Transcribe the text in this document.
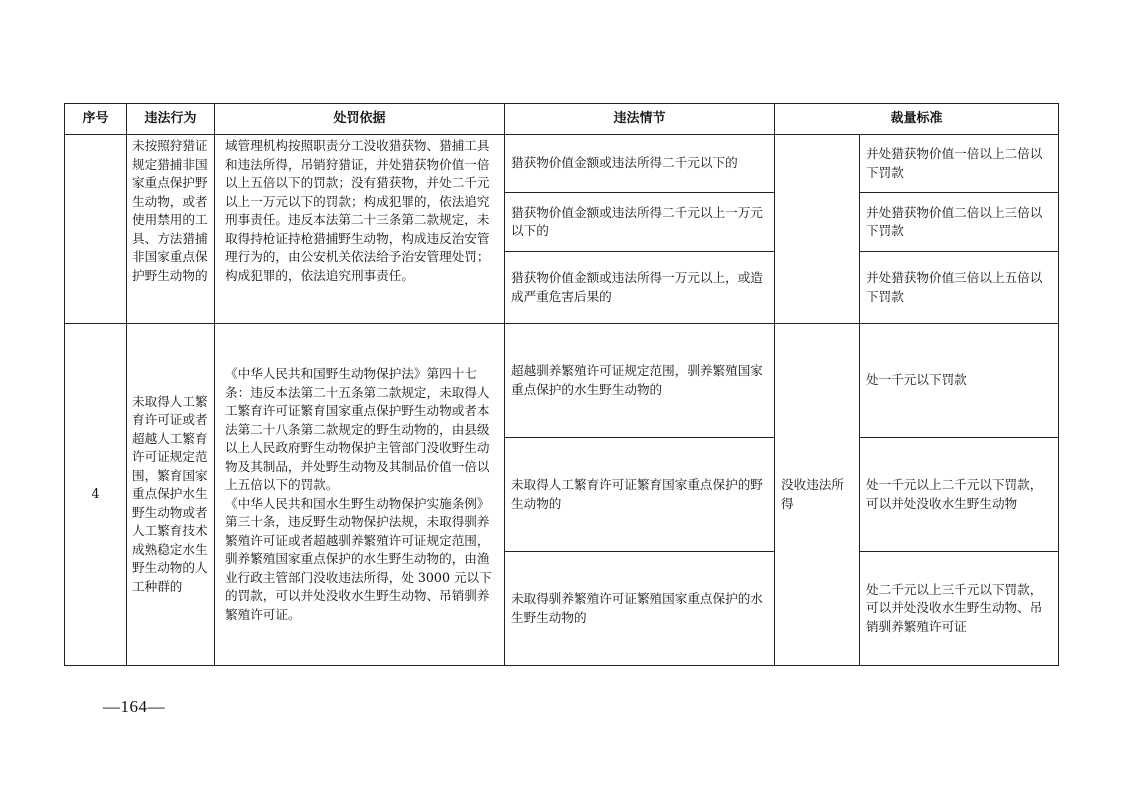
序号	违法行为	处罚依据	违法情节	裁量标准	
	未按照狩猎证规定猎捕非国家重点保护野生动物，或者使用禁用的工具、方法猎捕非国家重点保护野生动物的	域管理机构按照职责分工没收猎获物、猎捕工具和违法所得，吊销狩猎证，并处猎获物价值一倍以上五倍以下的罚款；没有猎获物，并处二千元以上一万元以下的罚款；构成犯罪的，依法追究刑事责任。违反本法第二十三条第二款规定，未取得持枪证持枪猎捕野生动物，构成违反治安管理行为的，由公安机关依法给予治安管理处罚；构成犯罪的，依法追究刑事责任。	猎获物价值金额或违法所得二千元以下的		并处猎获物价值一倍以上二倍以下罚款
			猎获物价值金额或违法所得二千元以上一万元以下的		并处猎获物价值二倍以上三倍以下罚款
			猎获物价值金额或违法所得一万元以上，或造成严重危害后果的		并处猎获物价值三倍以上五倍以下罚款
4	未取得人工繁育许可证或者超越人工繁育许可证规定范围，繁育国家重点保护水生野生动物或者人工繁育技术成熟稳定水生野生动物的人工种群的	《中华人民共和国野生动物保护法》第四十七条：违反本法第二十五条第二款规定，未取得人工繁育许可证繁育国家重点保护野生动物或者本法第二十八条第二款规定的野生动物的，由县级以上人民政府野生动物保护主管部门没收野生动物及其制品，并处野生动物及其制品价值一倍以上五倍以下的罚款。
《中华人民共和国水生野生动物保护实施条例》第三十条，违反野生动物保护法规，未取得驯养繁殖许可证或者超越驯养繁殖许可证规定范围，驯养繁殖国家重点保护的水生野生动物的，由渔业行政主管部门没收违法所得，处 3000 元以下的罚款，可以并处没收水生野生动物、吊销驯养繁殖许可证。	超越驯养繁殖许可证规定范围，驯养繁殖国家重点保护的水生野生动物的	没收违法所得	处一千元以下罚款
			未取得人工繁育许可证繁育国家重点保护的野生动物的		处一千元以上二千元以下罚款，可以并处没收水生野生动物
			未取得驯养繁殖许可证繁殖国家重点保护的水生野生动物的		处二千元以上三千元以下罚款，可以并处没收水生野生动物、吊销驯养繁殖许可证
—164—
